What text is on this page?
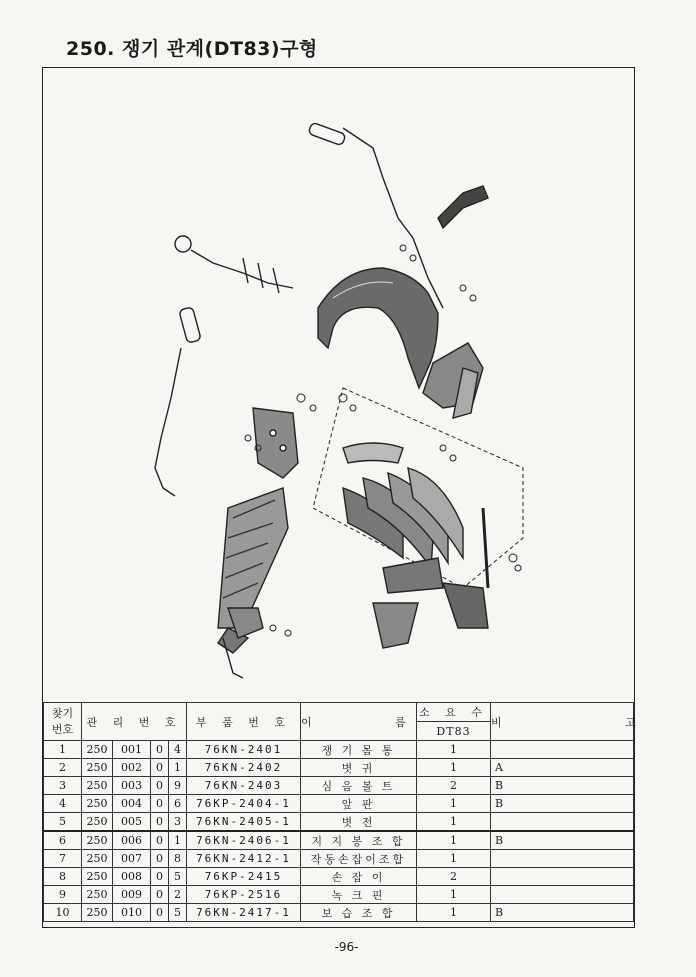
250. 쟁기 관계(DT83)구형
찾기
번호	관 리 번 호				부 품 번 호	이 름	소 요 수	비 고
							DT83	
1	250	001	0	4	76KN-2401	쟁 기 몸 통	1	
2	250	002	0	1	76KN-2402	볏 귀	1	A
3	250	003	0	9	76KN-2403	심 음 볼 트	2	B
4	250	004	0	6	76KP-2404-1	앞 판	1	B
5	250	005	0	3	76KN-2405-1	볏 전	1	
6	250	006	0	1	76KN-2406-1	지 지 봉 조 합	1	B
7	250	007	0	8	76KN-2412-1	작동손잡이조합	1	
8	250	008	0	5	76KP-2415	손 잡 이	2	
9	250	009	0	2	76KP-2516	녹 크 핀	1	
10	250	010	0	5	76KN-2417-1	보 습 조 합	1	B
-96-
